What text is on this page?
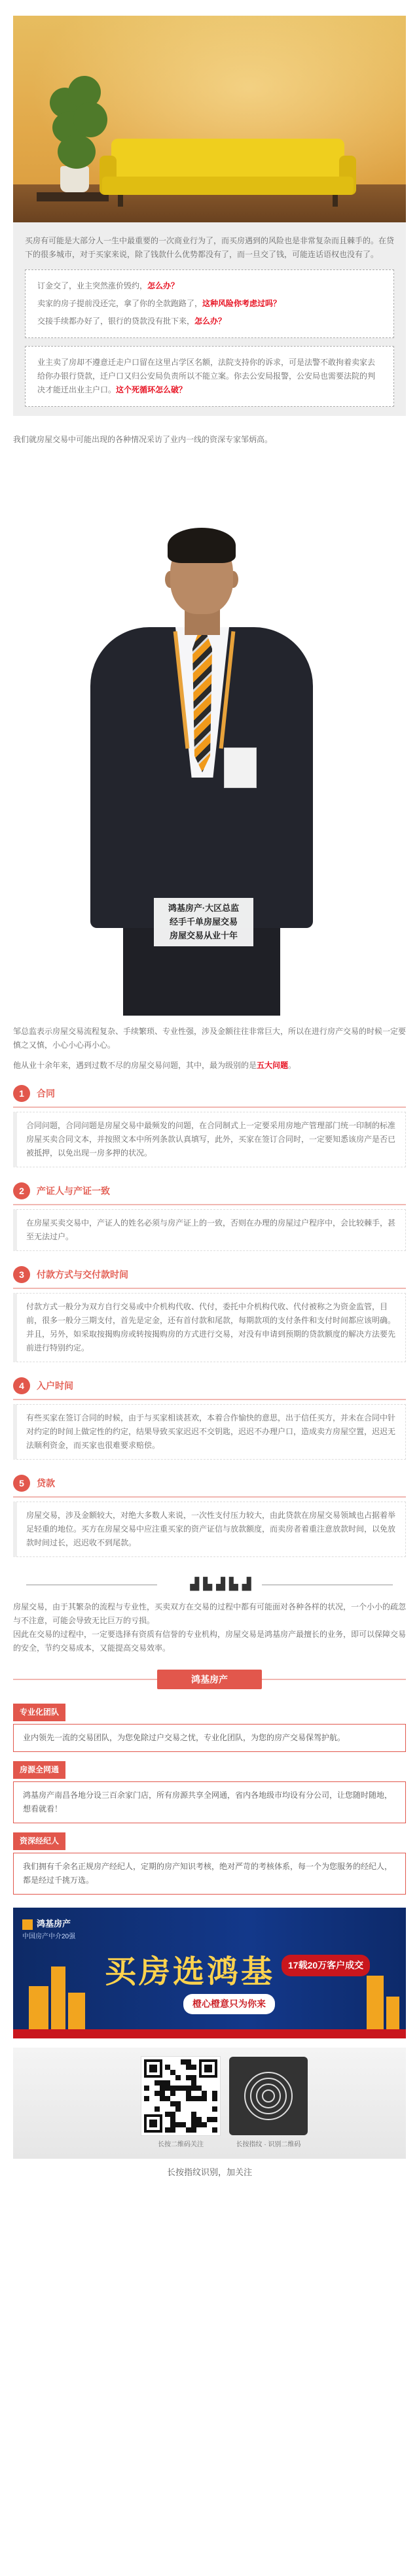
买房有可能是大部分人一生中最重要的一次商业行为了，而买房遇到的风险也是非常复杂而且棘手的。在贷下的很多城市，对于买家来说，除了钱款什么优势都没有了，而一旦交了钱，可能连话语权也没有了。

订金交了，业主突然涨价毁约，怎么办？

卖家的房子提前没还完，拿了你的全款跑路了，这种风险你考虑过吗？

交接手续都办好了，银行的贷款没有批下来，怎么办？

业主卖了房却不遵意迁走户口留在这里占学区名额，法院支持你的诉求，可是法警不敢拘着卖家去给你办银行贷款，迁户口又归公安局负责所以不能立案。你去公安局报警，公安局也需要法院的判决才能迁出业主户口。这个死循环怎么破？

我们就房屋交易中可能出现的各种情况采访了业内一线的资深专家邹炳高。

鸿基房产·大区总监
经手千单房屋交易
房屋交易从业十年

邹总监表示房屋交易流程复杂、手续繁琐、专业性强，涉及金额往往非常巨大，所以在进行房产交易的时候一定要慎之又慎，小心小心再小心。

他从业十余年来，遇到过数不尽的房屋交易问题，其中，最为级别的是五大问题。

1	合同
合同问题，合同问题是房屋交易中最频发的问题，在合同制式上一定要采用房地产管理部门统一印制的标准房屋买卖合同文本，并按照文本中所列条款认真填写，此外，买家在签订合同时，一定要知悉该房产是否已被抵押，以免出现一房多押的状况。
2	产证人与产证一致
在房屋买卖交易中，产证人的姓名必须与房产证上的一致，否则在办理的房屋过户程序中，会比较棘手，甚至无法过户。
3	付款方式与交付款时间
付款方式一般分为双方自行交易或中介机构代收、代付，委托中介机构代收、代付被称之为资金监管，目前，很多一般分三期支付，首先是定金，还有首付款和尾款，每期款项的支付条件和支付时间都应该明确。并且，另外，如采取按揭购房或转按揭购房的方式进行交易，对没有申请到预期的贷款额度的解决方法要先前进行特别约定。
4	入户时间
有些买家在签订合同的时候，由于与买家相谈甚欢，本着合作愉快的意思，出于信任买方，并未在合同中针对约定的时间上做定性的约定，结果导致买家迟迟不交钥匙，迟迟不办理户口，造成卖方房屋空置，迟迟无法顺利资金，而买家也很难要求赔偿。
5	贷款
房屋交易，涉及金额较大，对绝大多数人来说，一次性支付压力较大，由此贷款在房屋交易领域也占据着举足轻重的地位。买方在房屋交易中应注重买家的资产证信与放款额度，而卖房者着重注意放款时间，以免放款时间过长，迟迟收不到尾款。
▟▙▟▙▟

房屋交易，由于其繁杂的流程与专业性，买卖双方在交易的过程中都有可能面对各种各样的状况，一个小小的疏忽与不注意，可能会导致无比巨万的亏损。
因此在交易的过程中，一定要选择有资质有信誉的专业机构，房屋交易是鸿基房产最擅长的业务，即可以保障交易的安全，节约交易成本，又能提高交易效率。

鸿基房产
专业化团队
业内领先一流的交易团队，为您免除过户交易之忧，专业化团队，为您的房产交易保驾护航。
房源全网通
鸿基房产南昌各地分设三百余家门店，所有房源共享全网通，省内各地级市均设有分公司，让您随时随地，想看就看！
资深经纪人
我们拥有千余名正规房产经纪人，定期的房产知识考核，绝对严苛的考核体系，每一个为您服务的经纪人，都是经过千挑万选。
鸿基房产
中国房产中介20强
买房选鸿基	17载20万客户成交
橙心橙意只为你来
长按二维码关注	长按指纹 · 识别二维码
长按指纹识别，加关注
